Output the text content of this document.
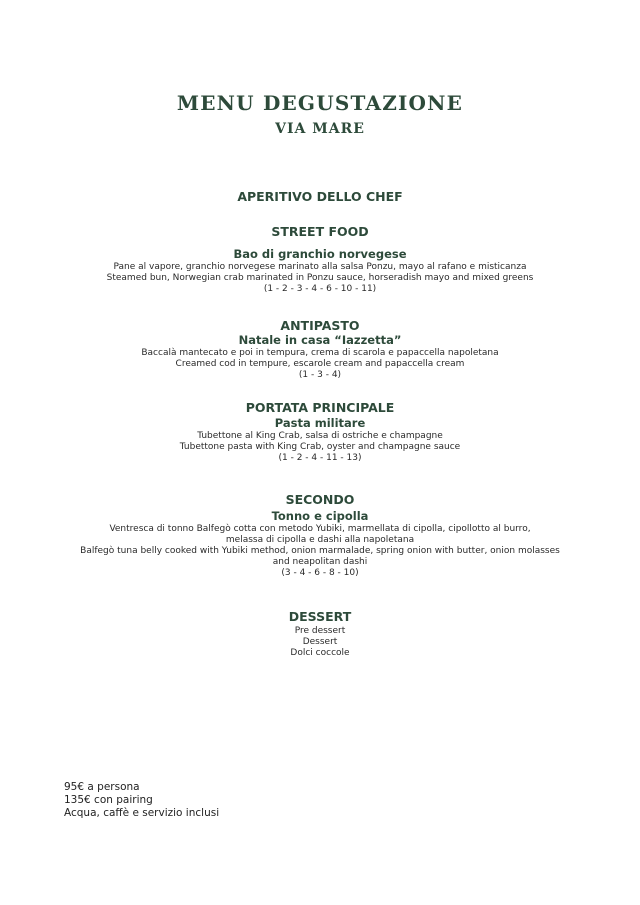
MENU DEGUSTAZIONE
VIA MARE
APERITIVO DELLO CHEF
STREET FOOD
Bao di granchio norvegese
Pane al vapore, granchio norvegese marinato alla salsa Ponzu, mayo al rafano e misticanza
Steamed bun, Norwegian crab marinated in Ponzu sauce, horseradish mayo and mixed greens
(1 - 2 - 3 - 4 - 6 - 10 - 11)
ANTIPASTO
Natale in casa “Iazzetta”
Baccalà mantecato e poi in tempura, crema di scarola e papaccella napoletana
Creamed cod in tempure, escarole cream and papaccella cream
(1 - 3 - 4)
PORTATA PRINCIPALE
Pasta militare
Tubettone al King Crab, salsa di ostriche e champagne
Tubettone pasta with King Crab, oyster and champagne sauce
(1 - 2 - 4 - 11 - 13)
SECONDO
Tonno e cipolla
Ventresca di tonno Balfegò cotta con metodo Yubiki, marmellata di cipolla, cipollotto al burro,
melassa di cipolla e dashi alla napoletana
Balfegò tuna belly cooked with Yubiki method, onion marmalade, spring onion with butter, onion molasses
and neapolitan dashi
(3 - 4 - 6 - 8 - 10)
DESSERT
Pre dessert
Dessert
Dolci coccole
95€ a persona
135€ con pairing
Acqua, caffè e servizio inclusi
